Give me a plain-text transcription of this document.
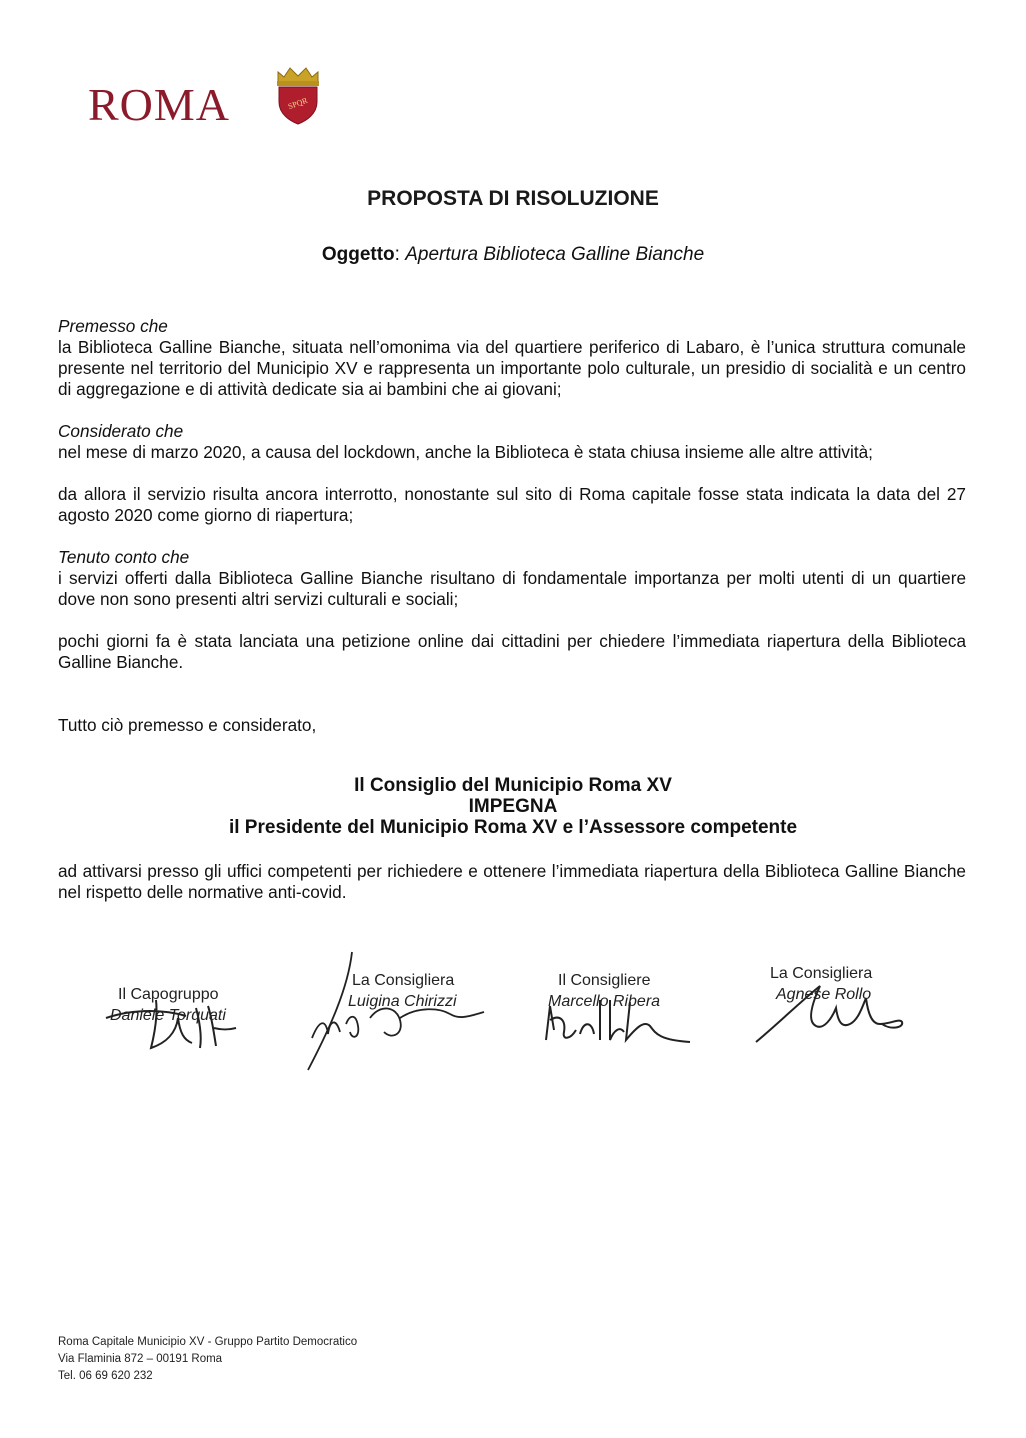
ROMA	SPQR
PROPOSTA DI RISOLUZIONE
Oggetto: Apertura Biblioteca Galline Bianche

Premesso che

la Biblioteca Galline Bianche, situata nell’omonima via del quartiere periferico di Labaro, è l’unica struttura comunale presente nel territorio del Municipio XV e rappresenta un importante polo culturale, un presidio di socialità e un centro di aggregazione e di attività dedicate sia ai bambini che ai giovani;

Considerato che

nel mese di marzo 2020, a causa del lockdown, anche la Biblioteca è stata chiusa insieme alle altre attività;

da allora il servizio risulta ancora interrotto, nonostante sul sito di Roma capitale fosse stata indicata la data del 27 agosto 2020 come giorno di riapertura;

Tenuto conto che

i servizi offerti dalla Biblioteca Galline Bianche risultano di fondamentale importanza per molti utenti di un quartiere dove non sono presenti altri servizi culturali e sociali;

pochi giorni fa è stata lanciata una petizione online dai cittadini per chiedere l’immediata riapertura della Biblioteca Galline Bianche.

Tutto ciò premesso e considerato,

Il Consiglio del Municipio Roma XV
IMPEGNA
il Presidente del Municipio Roma XV e l’Assessore competente
ad attivarsi presso gli uffici competenti per richiedere e ottenere l’immediata riapertura della Biblioteca Galline Bianche nel rispetto delle normative anti-covid.
Il Capogruppo
Daniele Torquati
La Consigliera
Luigina Chirizzi
Il Consigliere
Marcello Ribera
La Consigliera
Agnese Rollo
Roma Capitale Municipio XV - Gruppo Partito Democratico
Via Flaminia 872 – 00191 Roma
Tel. 06 69 620 232
